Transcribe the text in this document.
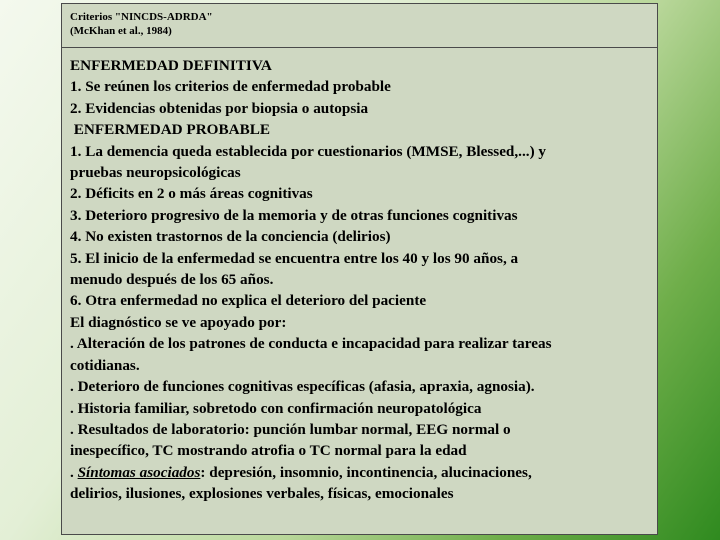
Criterios "NINCDS-ADRDA"
(McKhan et al., 1984)
ENFERMEDAD DEFINITIVA
1. Se reúnen los criterios de enfermedad probable
2. Evidencias obtenidas por biopsia o autopsia
ENFERMEDAD PROBABLE
1. La demencia queda establecida por cuestionarios (MMSE, Blessed,...) y
pruebas neuropsicológicas
2. Déficits en 2 o más áreas cognitivas
3. Deterioro progresivo de la memoria y de otras funciones cognitivas
4. No existen trastornos de la conciencia (delirios)
5. El inicio de la enfermedad se encuentra entre los 40 y los 90 años, a
menudo después de los 65 años.
6. Otra enfermedad no explica el deterioro del paciente
El diagnóstico se ve apoyado por:
. Alteración de los patrones de conducta e incapacidad para realizar tareas
cotidianas.
. Deterioro de funciones cognitivas específicas (afasia, apraxia, agnosia).
. Historia familiar, sobretodo con confirmación neuropatológica
. Resultados de laboratorio: punción lumbar normal, EEG normal o
inespecífico, TC mostrando atrofia o TC normal para la edad
. Síntomas asociados: depresión, insomnio, incontinencia, alucinaciones,
delirios, ilusiones, explosiones verbales, físicas, emocionales
